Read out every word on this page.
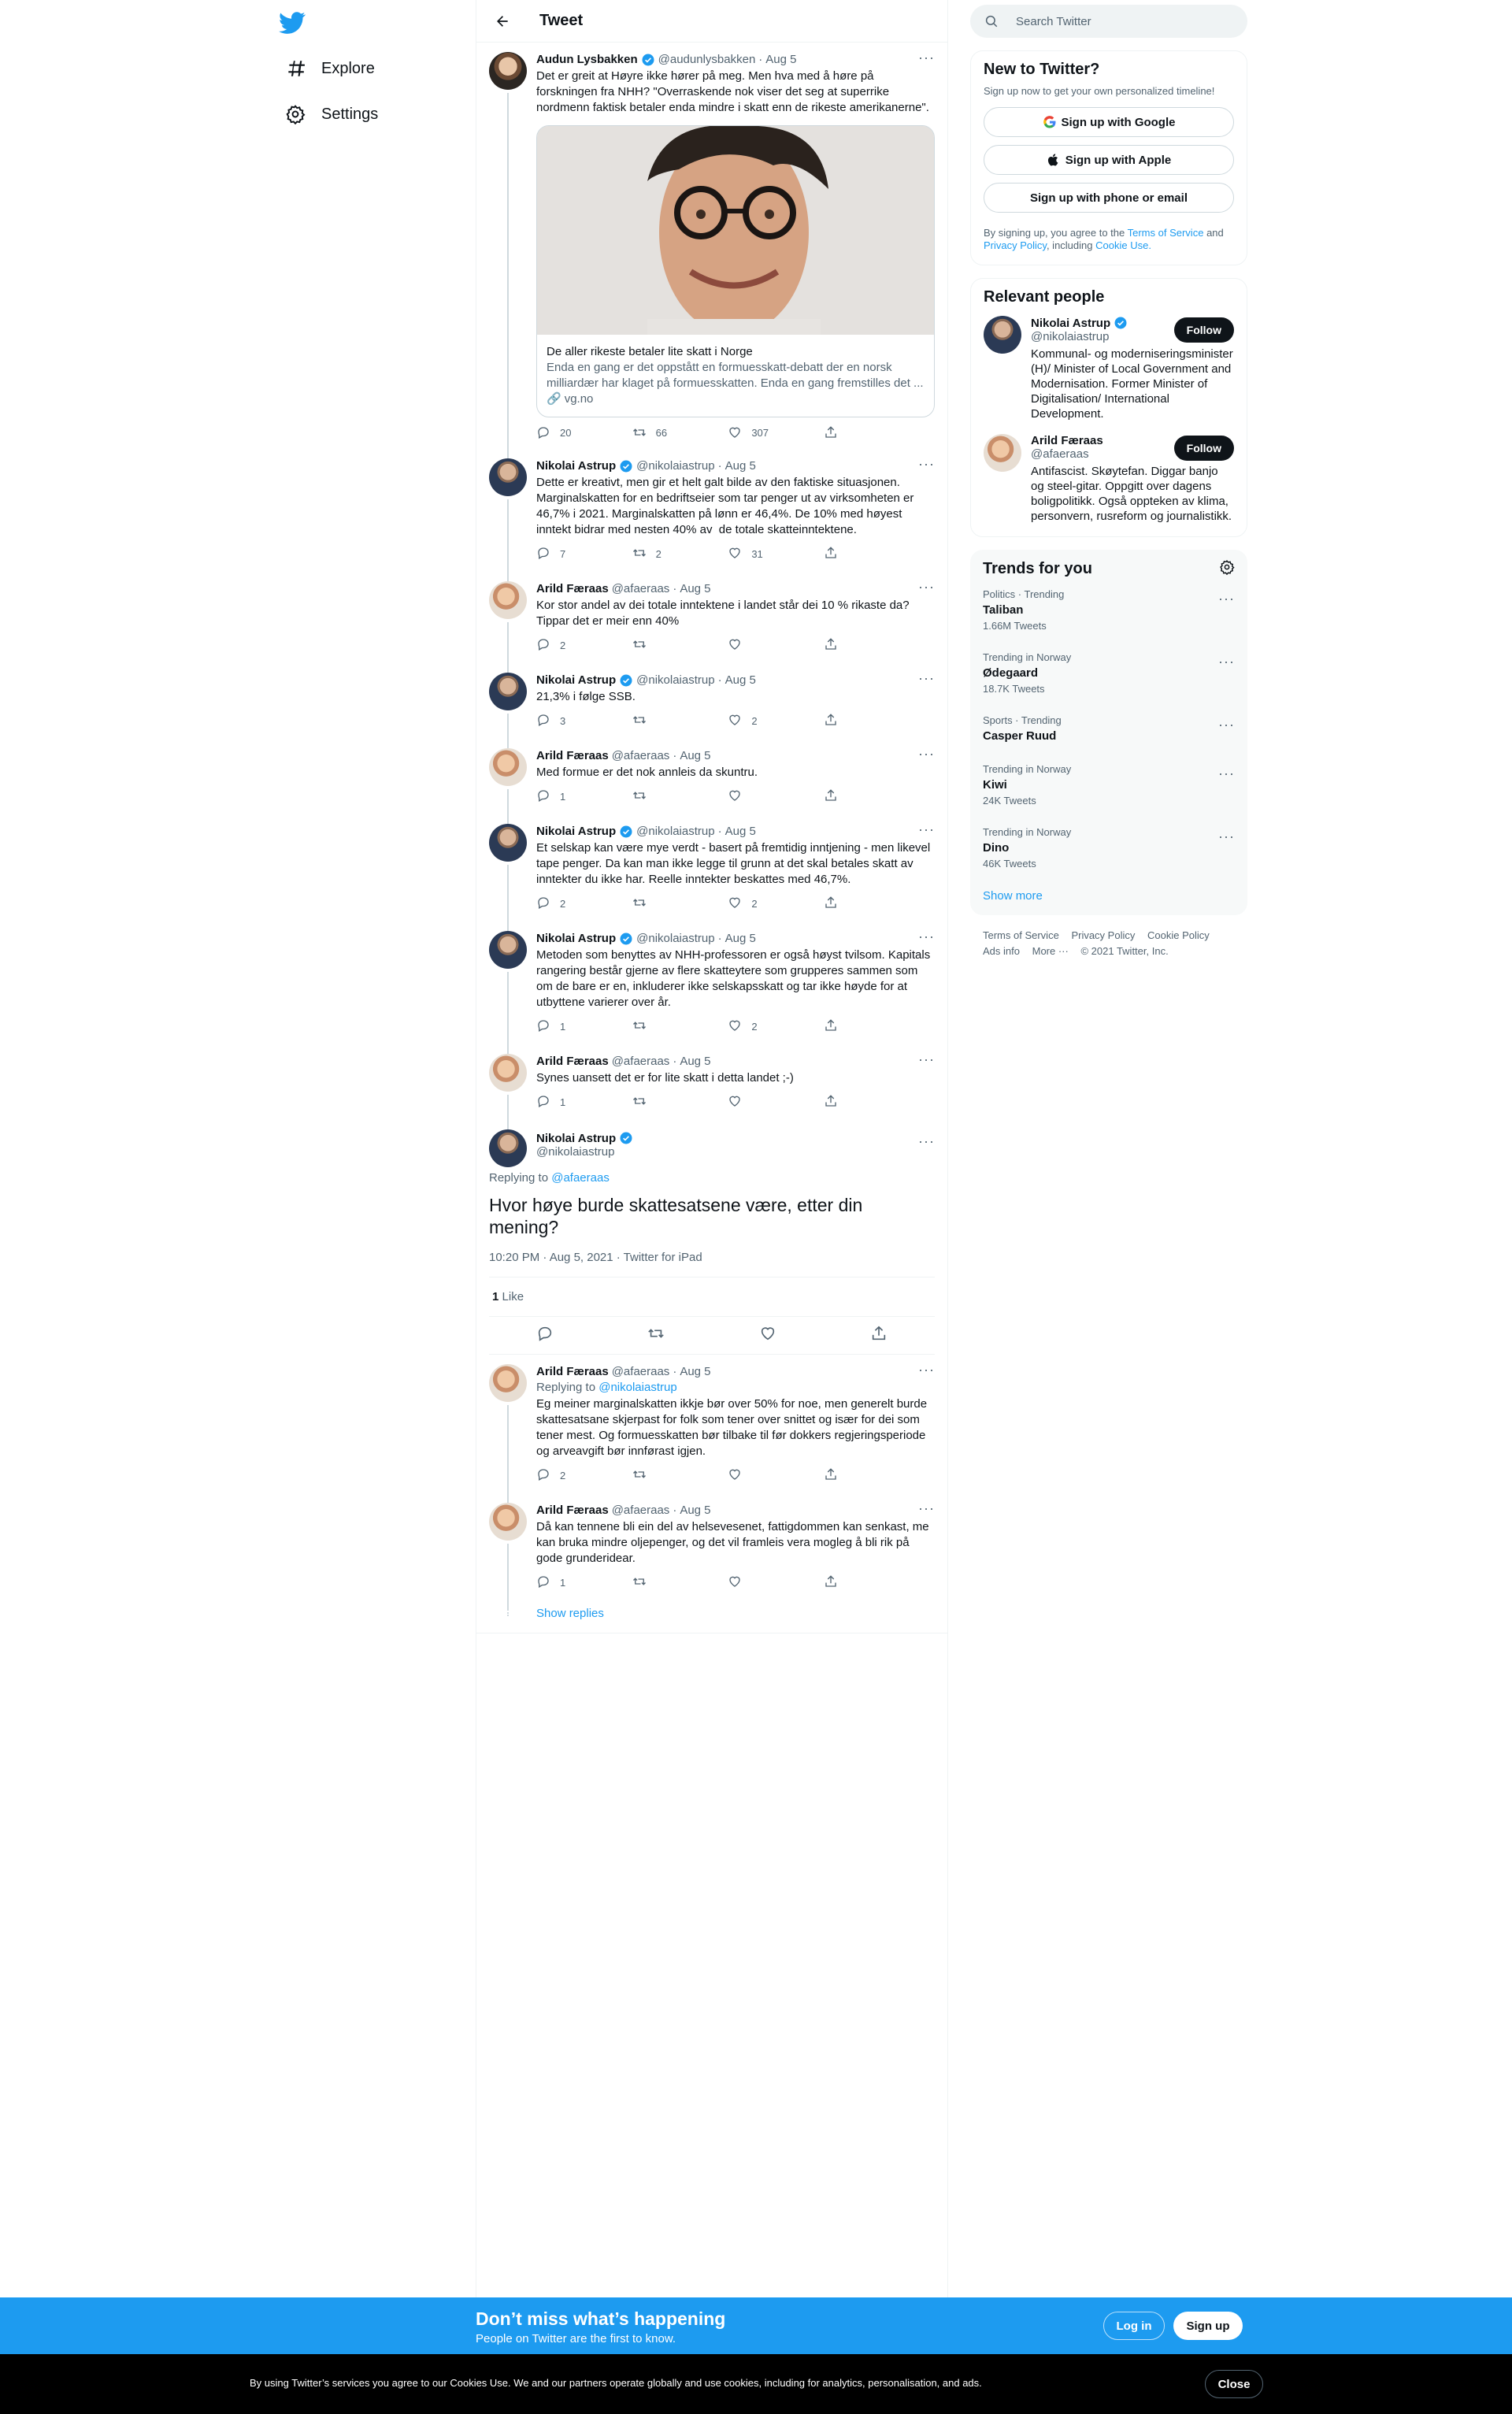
Explore
Settings
Tweet
···
Audun Lysbakken @audunlysbakken · Aug 5
Det er greit at Høyre ikke hører på meg. Men hva med å høre på forskningen fra NHH? "Overraskende nok viser det seg at superrike nordmenn faktisk betaler enda mindre i skatt enn de rikeste amerikanerne".
De aller rikeste betaler lite skatt i Norge
Enda en gang er det oppstått en formuesskatt-debatt der en norsk milliardær har klaget på formuesskatten. Enda en gang fremstilles det ...
🔗 vg.no
20	66	307
···
Nikolai Astrup @nikolaiastrup · Aug 5
Dette er kreativt, men gir et helt galt bilde av den faktiske situasjonen. Marginalskatten for en bedriftseier som tar penger ut av virksomheten er 46,7% i 2021. Marginalskatten på lønn er 46,4%. De 10% med høyest inntekt bidrar med nesten 40% av  de totale skatteinntektene.
7	2	31
···
Arild Færaas @afaeraas · Aug 5
Kor stor andel av dei totale inntektene i landet står dei 10 % rikaste da? Tippar det er meir enn 40%
2
···
Nikolai Astrup @nikolaiastrup · Aug 5
21,3% i følge SSB.
3	2
···
Arild Færaas @afaeraas · Aug 5
Med formue er det nok annleis da skuntru.
1
···
Nikolai Astrup @nikolaiastrup · Aug 5
Et selskap kan være mye verdt - basert på fremtidig inntjening - men likevel tape penger. Da kan man ikke legge til grunn at det skal betales skatt av inntekter du ikke har. Reelle inntekter beskattes med 46,7%.
2	2
···
Nikolai Astrup @nikolaiastrup · Aug 5
Metoden som benyttes av NHH-professoren er også høyst tvilsom. Kapitals rangering består gjerne av flere skatteytere som grupperes sammen som om de bare er en, inkluderer ikke selskapsskatt og tar ikke høyde for at utbyttene varierer over år.
1	2
···
Arild Færaas @afaeraas · Aug 5
Synes uansett det er for lite skatt i detta landet ;-)
1
···
Nikolai Astrup
@nikolaiastrup
Replying to @afaeraas
Hvor høye burde skattesatsene være, etter din mening?
10:20 PM · Aug 5, 2021 · Twitter for iPad
1 Like
···
Arild Færaas @afaeraas · Aug 5
Replying to @nikolaiastrup
Eg meiner marginalskatten ikkje bør over 50% for noe, men generelt burde skattesatsane skjerpast for folk som tener over snittet og især for dei som tener mest. Og formuesskatten bør tilbake til før dokkers regjeringsperiode og arveavgift bør innførast igjen.
2
···
Arild Færaas @afaeraas · Aug 5
Då kan tennene bli ein del av helsevesenet, fattigdommen kan senkast, me kan bruka mindre oljepenger, og det vil framleis vera mogleg å bli rik på gode grunderidear.
1
Show replies
Search Twitter
New to Twitter?
Sign up now to get your own personalized timeline!
Sign up with Google
Sign up with Apple
Sign up with phone or email
By signing up, you agree to the Terms of Service and Privacy Policy, including Cookie Use.
Relevant people
Follow
Nikolai Astrup
@nikolaiastrup
Kommunal- og moderniseringsminister (H)/ Minister of Local Government and Modernisation. Former Minister of Digitalisation/ International Development.
Follow
Arild Færaas
@afaeraas
Antifascist. Skøytefan. Diggar banjo og steel-gitar. Oppgitt over dagens boligpolitikk. Også oppteken av klima, personvern, rusreform og journalistikk.
Trends for you
···
Politics · Trending
Taliban
1.66M Tweets
···
Trending in Norway
Ødegaard
18.7K Tweets
···
Sports · Trending
Casper Ruud
···
Trending in Norway
Kiwi
24K Tweets
···
Trending in Norway
Dino
46K Tweets
Show more
Terms of Service Privacy Policy Cookie Policy
Ads info More ··· © 2021 Twitter, Inc.
Don’t miss what’s happening
People on Twitter are the first to know.
Log in	Sign up
By using Twitter’s services you agree to our Cookies Use. We and our partners operate globally and use cookies, including for analytics, personalisation, and ads.	Close
